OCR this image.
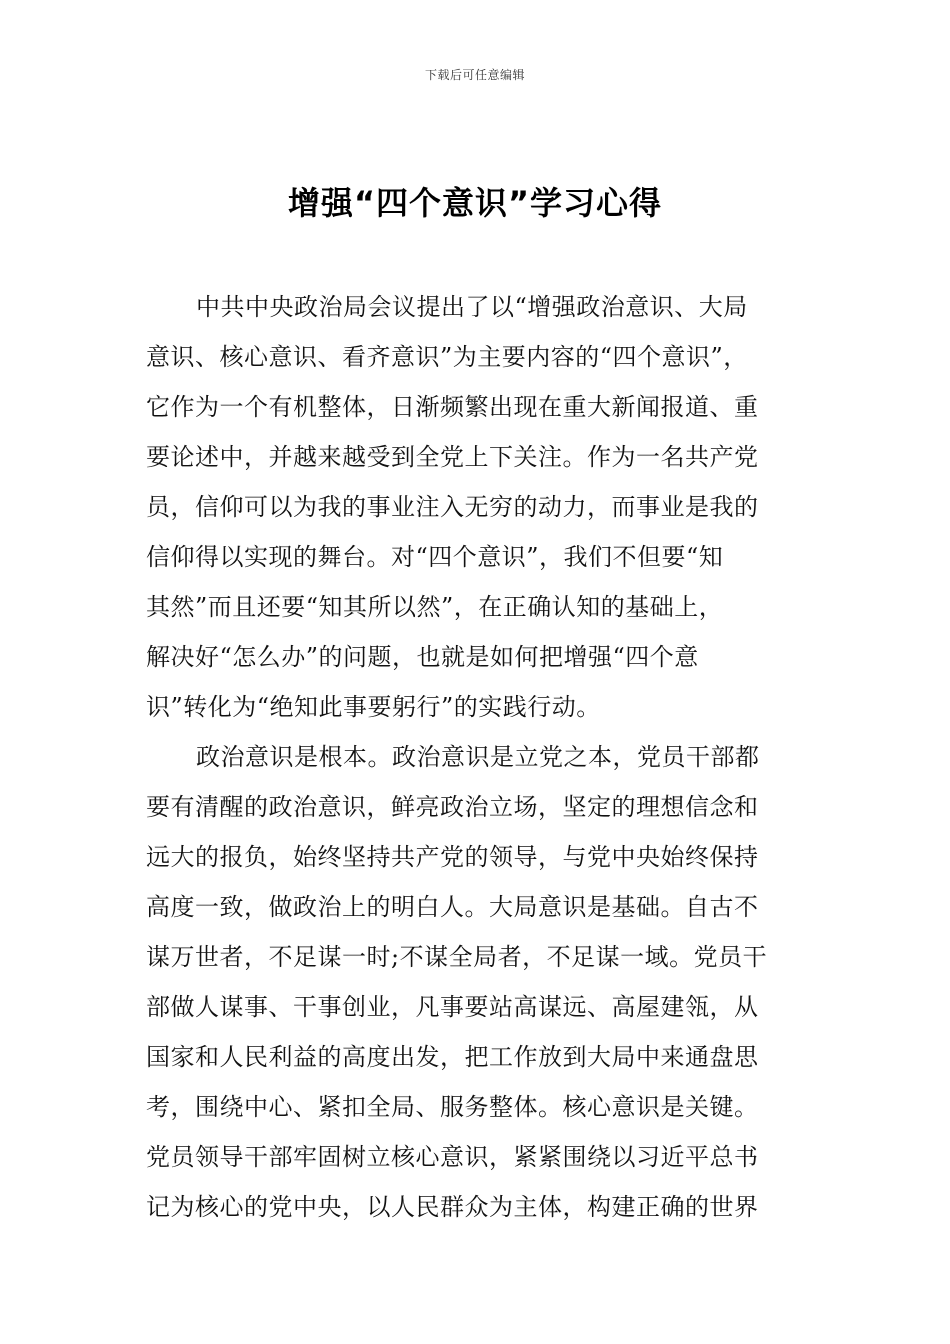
下载后可任意编辑
增强“四个意识”学习心得
中共中央政治局会议提出了以“增强政治意识、大局
意识、核心意识、看齐意识”为主要内容的“四个意识”，
它作为一个有机整体，日渐频繁出现在重大新闻报道、重
要论述中，并越来越受到全党上下关注。作为一名共产党
员，信仰可以为我的事业注入无穷的动力，而事业是我的
信仰得以实现的舞台。对“四个意识”，我们不但要“知
其然”而且还要“知其所以然”，在正确认知的基础上，
解决好“怎么办”的问题，也就是如何把增强“四个意
识”转化为“绝知此事要躬行”的实践行动。
政治意识是根本。政治意识是立党之本，党员干部都
要有清醒的政治意识，鲜亮政治立场，坚定的理想信念和
远大的报负，始终坚持共产党的领导，与党中央始终保持
高度一致，做政治上的明白人。大局意识是基础。自古不
谋万世者，不足谋一时;不谋全局者，不足谋一域。党员干
部做人谋事、干事创业，凡事要站高谋远、高屋建瓴，从
国家和人民利益的高度出发，把工作放到大局中来通盘思
考，围绕中心、紧扣全局、服务整体。核心意识是关键。
党员领导干部牢固树立核心意识，紧紧围绕以习近平总书
记为核心的党中央，以人民群众为主体，构建正确的世界
